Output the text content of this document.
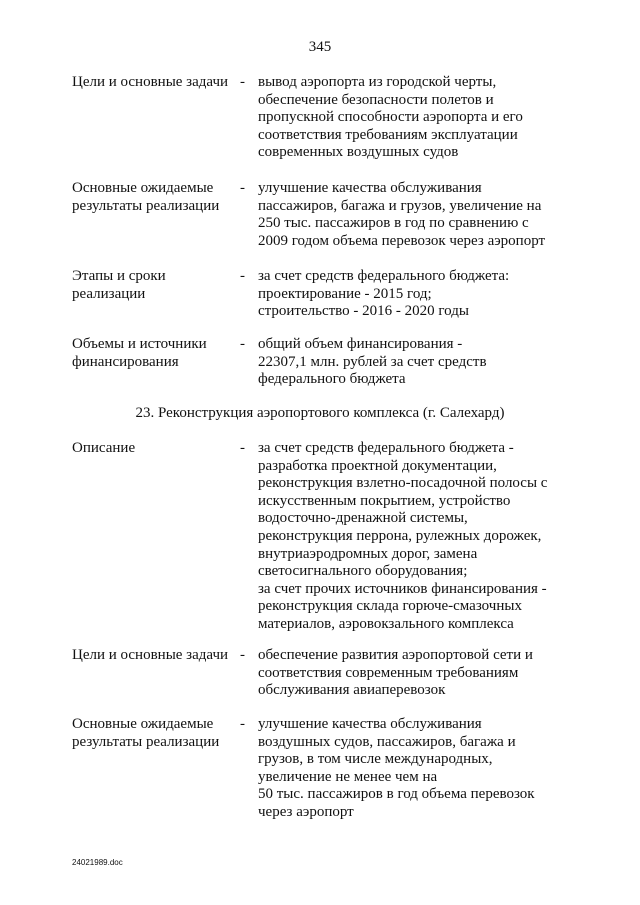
345
Цели и основные задачи - вывод аэропорта из городской черты,
обеспечение безопасности полетов и
пропускной способности аэропорта и его
соответствия требованиям эксплуатации
современных воздушных судов
Основные ожидаемые
результаты реализации
- улучшение качества обслуживания
пассажиров, багажа и грузов, увеличение на
250 тыс. пассажиров в год по сравнению с
2009 годом объема перевозок через аэропорт
Этапы и сроки
реализации
- за счет средств федерального бюджета:
проектирование - 2015 год;
строительство - 2016 - 2020 годы
Объемы и источники
финансирования
- общий объем финансирования -
22307,1 млн. рублей за счет средств
федерального бюджета
23. Реконструкция аэропортового комплекса (г. Салехард)
Описание	- за счет средств федерального бюджета -
разработка проектной документации,
реконструкция взлетно-посадочной полосы с
искусственным покрытием, устройство
водосточно-дренажной системы,
реконструкция перрона, рулежных дорожек,
внутриаэродромных дорог, замена
светосигнального оборудования;
за счет прочих источников финансирования -
реконструкция склада горюче-смазочных
материалов, аэровокзального комплекса
Цели и основные задачи - обеспечение развития аэропортовой сети и
соответствия современным требованиям
обслуживания авиаперевозок
Основные ожидаемые
результаты реализации
- улучшение качества обслуживания
воздушных судов, пассажиров, багажа и
грузов, в том числе международных,
увеличение не менее чем на
50 тыс. пассажиров в год объема перевозок
через аэропорт
24021989.doc
